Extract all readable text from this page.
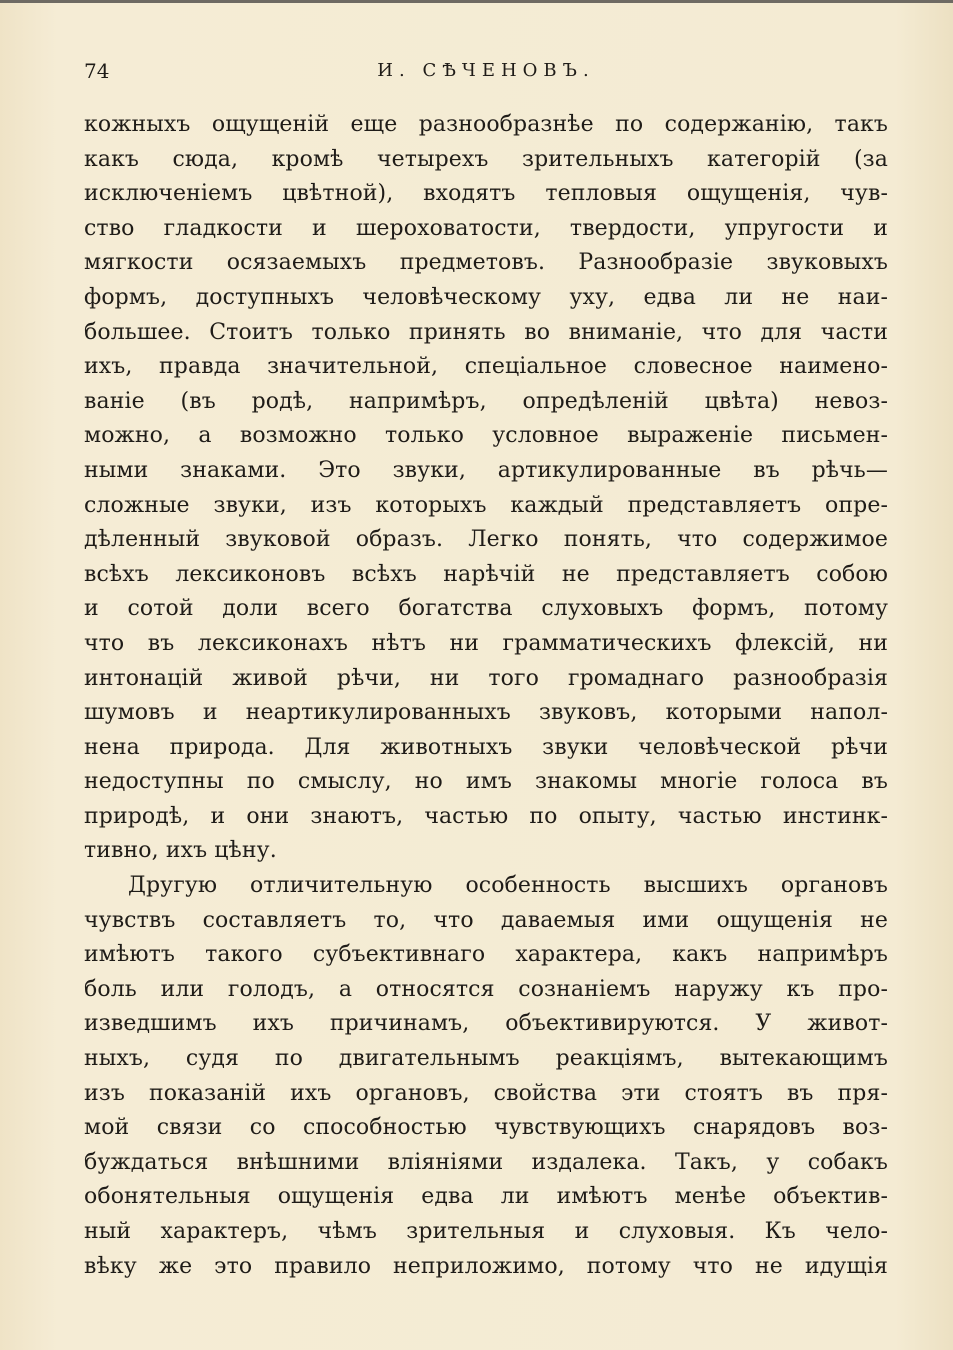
74	И. СѢЧЕНОВЪ.
кожныхъ ощущеній еще разнообразнѣе по содержанію, такъ
какъ сюда, кромѣ четырехъ зрительныхъ категорій (за
исключеніемъ цвѣтной), входятъ тепловыя ощущенія, чув-
ство гладкости и шероховатости, твердости, упругости и
мягкости осязаемыхъ предметовъ. Разнообразіе звуковыхъ
формъ, доступныхъ человѣческому уху, едва ли не наи-
большее. Стоитъ только принять во вниманіе, что для части
ихъ, правда значительной, спеціальное словесное наимено-
ваніе (въ родѣ, напримѣръ, опредѣленій цвѣта) невоз-
можно, а возможно только условное выраженіе письмен-
ными знаками. Это звуки, артикулированные въ рѣчь—
сложные звуки, изъ которыхъ каждый представляетъ опре-
дѣленный звуковой образъ. Легко понять, что содержимое
всѣхъ лексиконовъ всѣхъ нарѣчій не представляетъ собою
и сотой доли всего богатства слуховыхъ формъ, потому
что въ лексиконахъ нѣтъ ни грамматическихъ флексій, ни
интонацій живой рѣчи, ни того громаднаго разнообразія
шумовъ и неартикулированныхъ звуковъ, которыми напол-
нена природа. Для животныхъ звуки человѣческой рѣчи
недоступны по смыслу, но имъ знакомы многіе голоса въ
природѣ, и они знаютъ, частью по опыту, частью инстинк-
тивно, ихъ цѣну.
Другую отличительную особенность высшихъ органовъ
чувствъ составляетъ то, что даваемыя ими ощущенія не
имѣютъ такого субъективнаго характера, какъ напримѣръ
боль или голодъ, а относятся сознаніемъ наружу къ про-
изведшимъ ихъ причинамъ, объективируются. У живот-
ныхъ, судя по двигательнымъ реакціямъ, вытекающимъ
изъ показаній ихъ органовъ, свойства эти стоятъ въ пря-
мой связи со способностью чувствующихъ снарядовъ воз-
буждаться внѣшними вліяніями издалека. Такъ, у собакъ
обонятельныя ощущенія едва ли имѣютъ менѣе объектив-
ный характеръ, чѣмъ зрительныя и слуховыя. Къ чело-
вѣку же это правило неприложимо, потому что не идущія
